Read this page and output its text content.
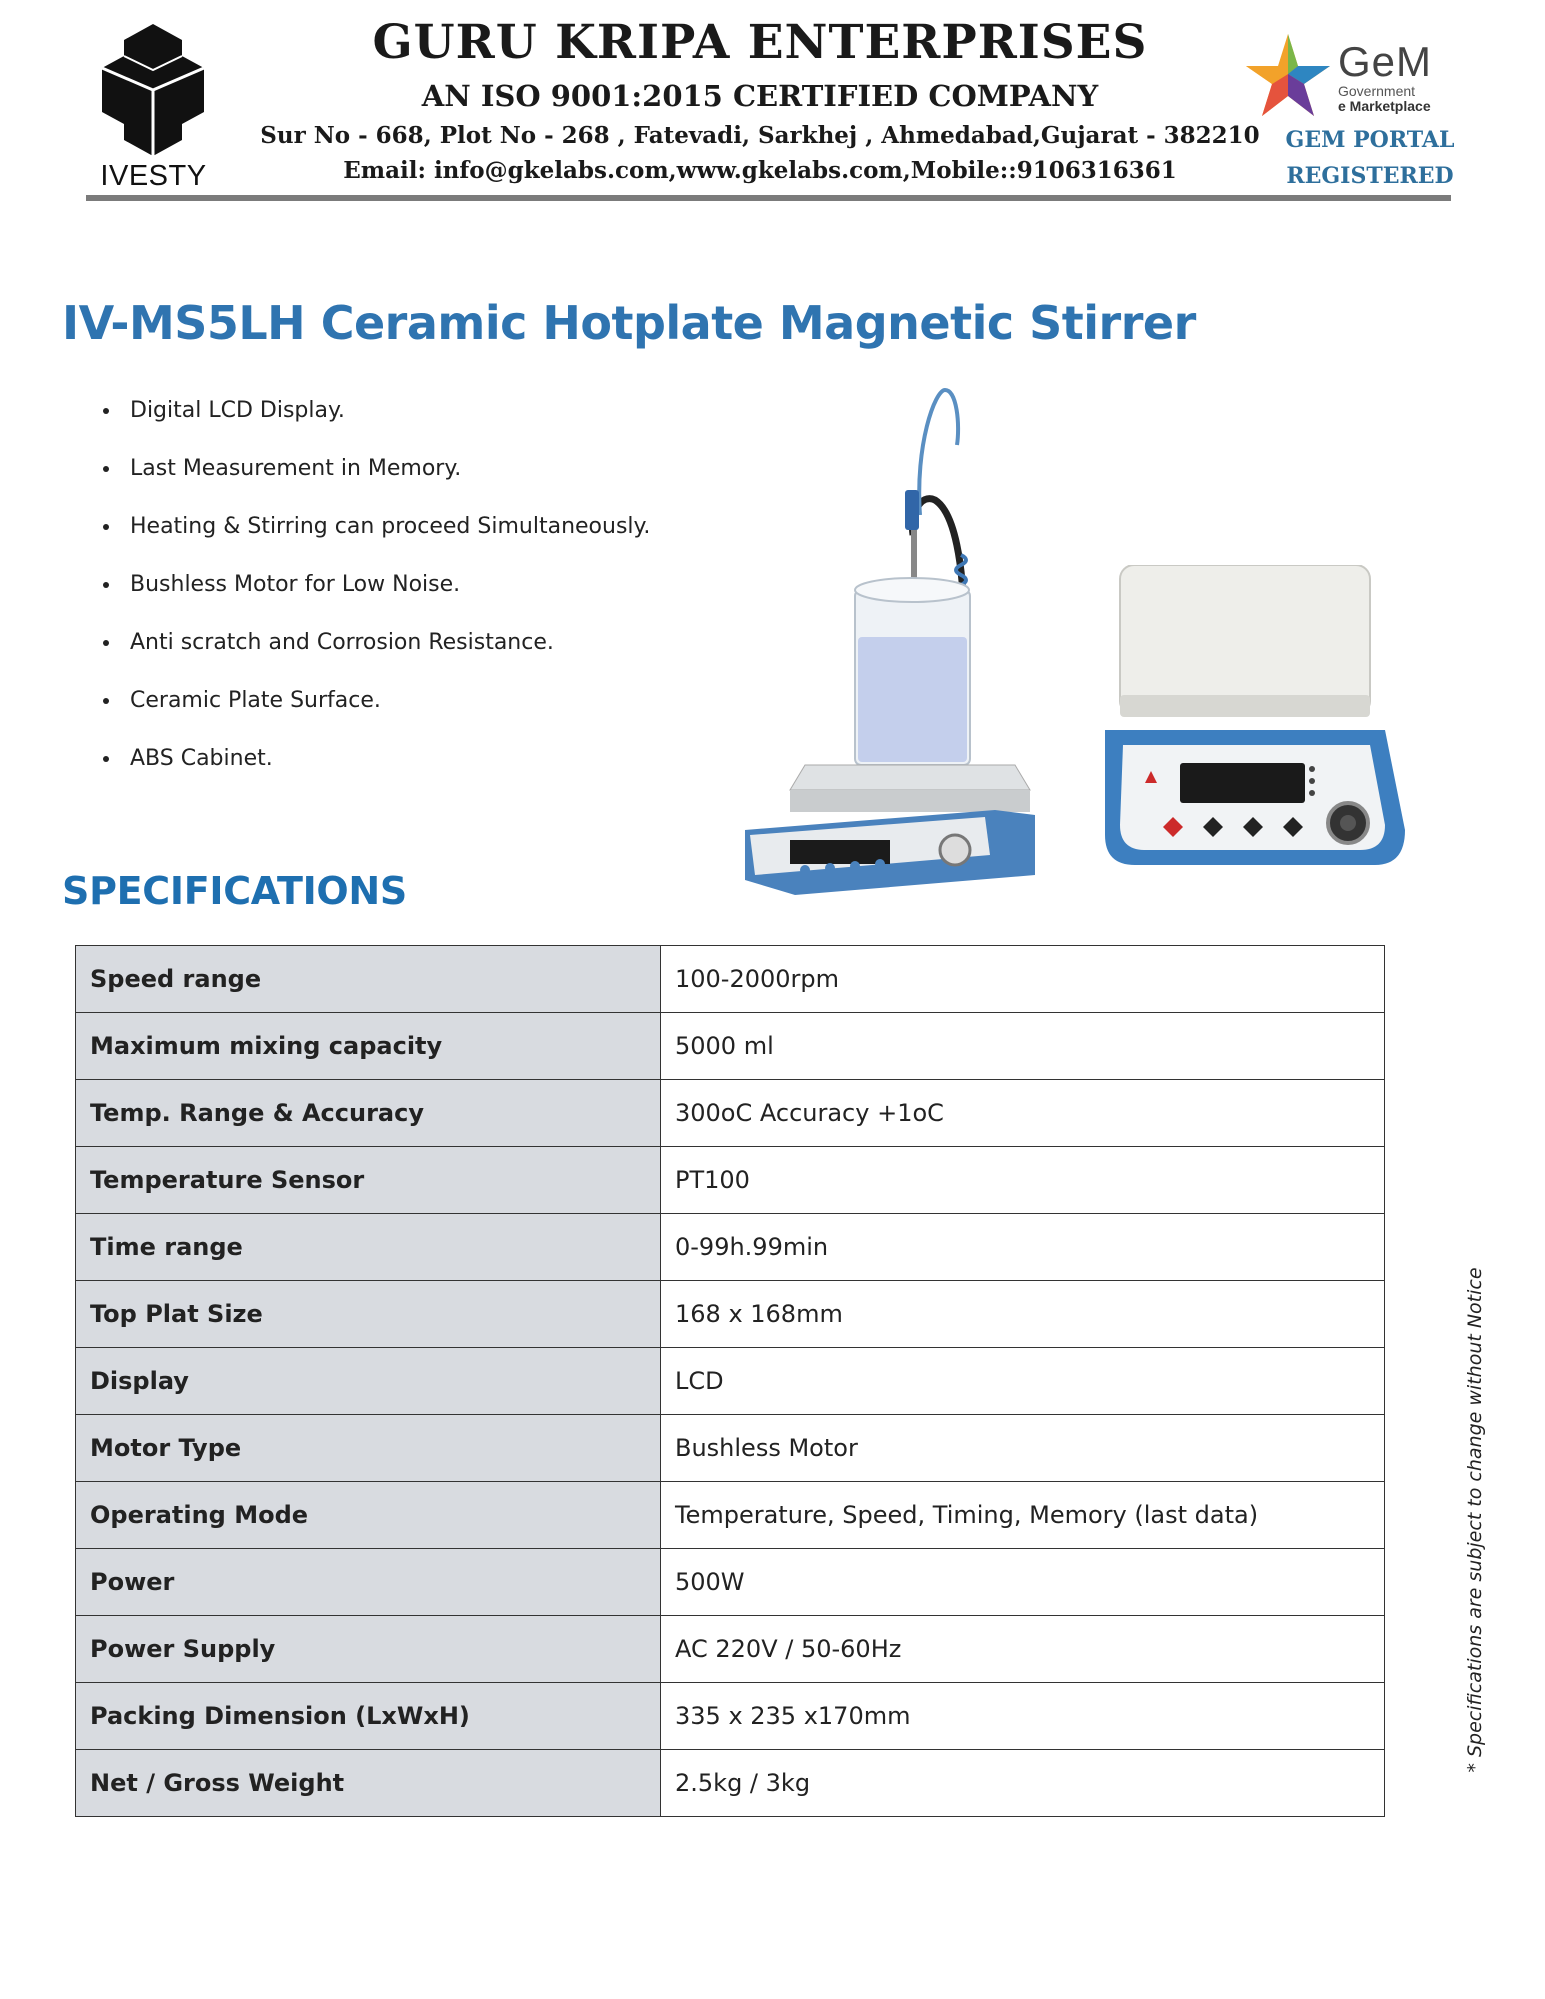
IVESTY
GURU KRIPA ENTERPRISES
AN ISO 9001:2015 CERTIFIED COMPANY
Sur No - 668, Plot No - 268 , Fatevadi, Sarkhej , Ahmedabad,Gujarat - 382210
Email: info@gkelabs.com,www.gkelabs.com,Mobile::9106316361
GeM
Government
e Marketplace
GEM PORTAL
REGISTERED
IV-MS5LH Ceramic Hotplate Magnetic Stirrer
• Digital LCD Display.
• Last Measurement in Memory.
• Heating & Stirring can proceed Simultaneously.
• Bushless Motor for Low Noise.
• Anti scratch and Corrosion Resistance.
• Ceramic Plate Surface.
• ABS Cabinet.
SPECIFICATIONS
Speed range	100-2000rpm
Maximum mixing capacity	5000 ml
Temp. Range & Accuracy	300oC Accuracy +1oC
Temperature Sensor	PT100
Time range	0-99h.99min
Top Plat Size	168 x 168mm
Display	LCD
Motor Type	Bushless Motor
Operating Mode	Temperature, Speed, Timing, Memory (last data)
Power	500W
Power Supply	AC 220V / 50-60Hz
Packing Dimension (LxWxH)	335 x 235 x170mm
Net / Gross Weight	2.5kg / 3kg
* Specifications are subject to change without Notice
